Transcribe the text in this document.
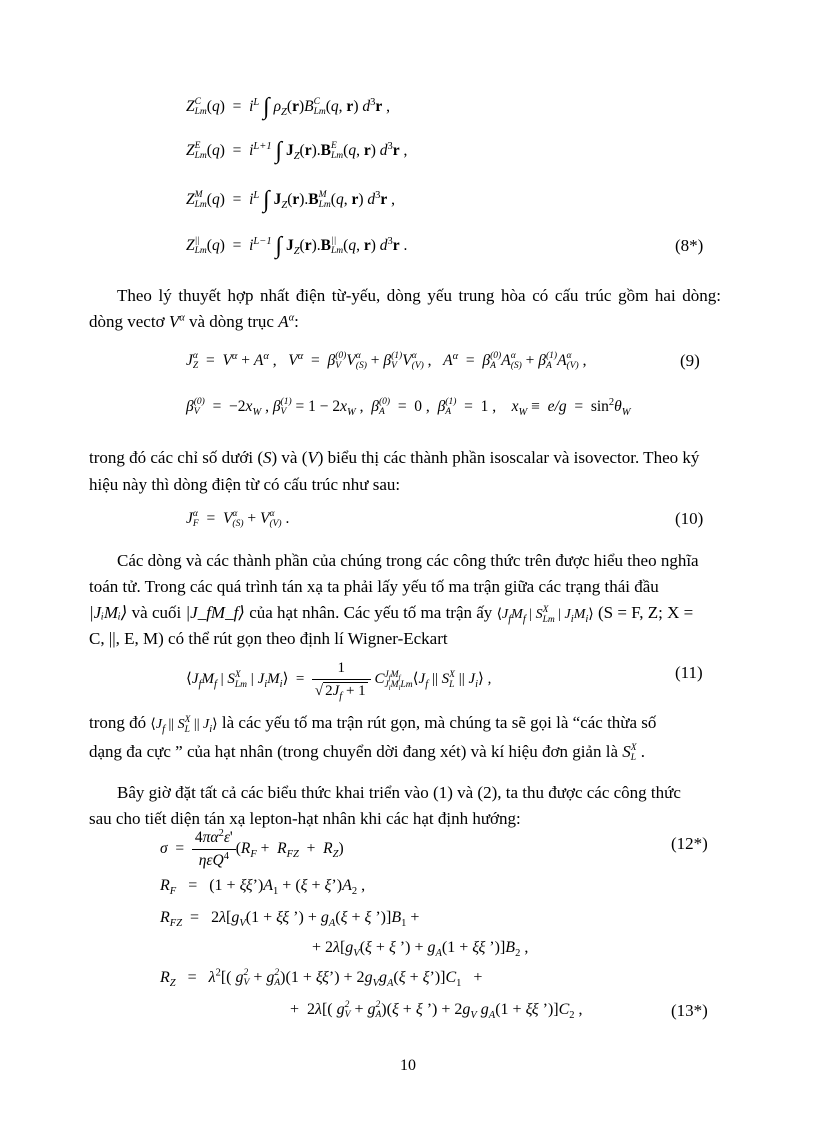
Z C
Lm $(q) = i^L$ ∫ $\rho_Z(r)B$ C
Lm (q, r) $d^3r$ ,
Z E
Lm $(q) = i^{L+1}$ ∫ $J_Z(r).B$ E
Lm (q, r) $d^3r$ ,
Z M
Lm $(q) = i^L$ ∫ $J_Z(r).B$ M
Lm (q, r) $d^3r$ ,
Z ||
Lm $(q) = i^{L-1}$ ∫ $J_Z(r).B$ ||
Lm (q, r) $d^3r$ .	(8*)
Theo lý thuyết hợp nhất điện từ-yếu, dòng yếu trung hòa có cấu trúc gồm hai dòng: dòng vectơ $V^\alpha$ và dòng trục $A^\alpha$:
J α
$Z = V^\alpha + A^\alpha$ ,   $V^\alpha = \beta$ (0)
V V α
(S) + β (1)
V V α
(V) ,   $A^\alpha = \beta$ (0)
A A α
(S) + β (1)
A A α
(V) ,	(9)
β (0)
$V = -2x_W$ , β (1)
$V = 1 - 2x_W$ ,  β (0)
A =  0 ,  β (1)
A =  1 ,    $x_W \equiv e/g = \sin^2\theta_W$
trong đó các chỉ số dưới (S) và (V) biểu thị các thành phần isoscalar và isovector. Theo ký
hiệu này thì dòng điện từ có cấu trúc như sau:
J α
F =  V α
(S) + V α
(V) .	(10)
Các dòng và các thành phần của chúng trong các công thức trên được hiểu theo nghĩa
toán tử. Trong các quá trình tán xạ ta phải lấy yếu tố ma trận giữa các trạng thái đầu
|JᵢMᵢ⟩ và cuối |J_fM_f⟩ của hạt nhân. Các yếu tố ma trận ấy $⟨J_fM_f$ | S X
Lm | $J_iM_i⟩$ (S = F, Z; X =
C, ||, E, M) có thể rút gọn theo định lí Wigner-Eckart
$⟨J_fM_f$ | S X
Lm | $J_iM_i⟩ = \frac{1}{√ 2J_f + 1}$ C $J_fM_f$
$J_iM_iLm$ $⟨J_f$ || S X
L || $J_i⟩$ ,	(11)
trong đó $⟨J_f$ || S X
L || $J_i⟩$ là các yếu tố ma trận rút gọn, mà chúng ta sẽ gọi là “các thừa số
dạng đa cực ” của hạt nhân (trong chuyển dời đang xét) và kí hiệu đơn giản là S X
L .
Bây giờ đặt tất cả các biểu thức khai triển vào (1) và (2), ta thu được các công thức
sau cho tiết diện tán xạ lepton-hạt nhân khi các hạt định hướng:
$\sigma = \frac{4\pi\alpha^2\varepsilon'}{\eta\varepsilon Q^4} (R_F + R_{FZ} + R_Z)$	(12*)
$R_F = (1$ + $\xi\xi’)A_1 + (\xi$ + $\xi’)A_2$ ,
$R_{FZ} = 2\lambda[g_V(1 + \xi\xi$ ’) + $g_A(\xi + \xi$ $’)]B_1$ +
+ $2\lambda[g_V(\xi + \xi$ ’) + $g_A(1 + \xi\xi$ $’)]B_2$ ,
$R_Z = \lambda^2$[( g 2
V + g 2
A )(1 + ξξ’) + $2g_Vg_A(\xi$ + $\xi’)]C_1$   +
+  2λ[( g 2
V + g 2
A )(ξ + ξ ’) + $2g_V$ $g_A(1 + \xi\xi$ $’)]C_2$ ,	(13*)
10
